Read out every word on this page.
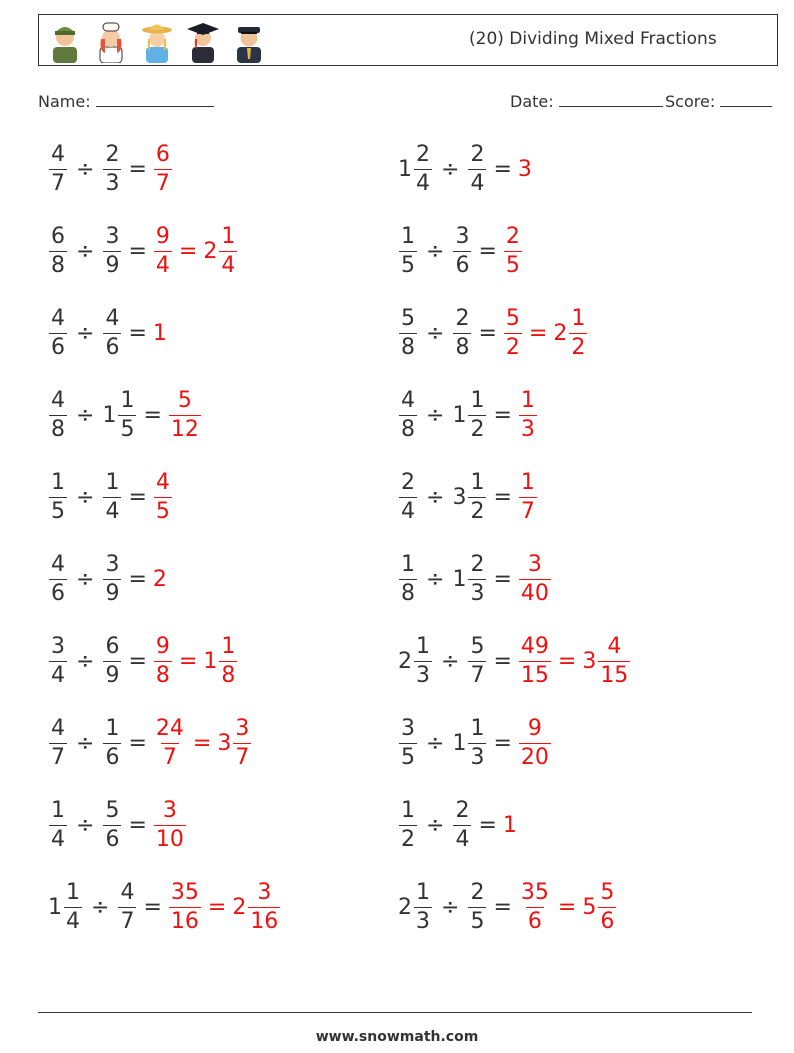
(20) Dividing Mixed Fractions
Name:	Date:	Score:
$\frac{4}{7} \div \frac{2}{3} = \frac{6}{7}$	$1 \frac{2}{4} \div \frac{2}{4} = 3$
$\frac{6}{8} \div \frac{3}{9} = \frac{9}{4} = 2 \frac{1}{4}$	$\frac{1}{5} \div \frac{3}{6} = \frac{2}{5}$
$\frac{4}{6} \div \frac{4}{6} = 1$	$\frac{5}{8} \div \frac{2}{8} = \frac{5}{2} = 2 \frac{1}{2}$
$\frac{4}{8} \div 1 \frac{1}{5} = \frac{5}{12}$	$\frac{4}{8} \div 1 \frac{1}{2} = \frac{1}{3}$
$\frac{1}{5} \div \frac{1}{4} = \frac{4}{5}$	$\frac{2}{4} \div 3 \frac{1}{2} = \frac{1}{7}$
$\frac{4}{6} \div \frac{3}{9} = 2$	$\frac{1}{8} \div 1 \frac{2}{3} = \frac{3}{40}$
$\frac{3}{4} \div \frac{6}{9} = \frac{9}{8} = 1 \frac{1}{8}$	$2 \frac{1}{3} \div \frac{5}{7} = \frac{49}{15} = 3 \frac{4}{15}$
$\frac{4}{7} \div \frac{1}{6} = \frac{24}{7} = 3 \frac{3}{7}$	$\frac{3}{5} \div 1 \frac{1}{3} = \frac{9}{20}$
$\frac{1}{4} \div \frac{5}{6} = \frac{3}{10}$	$\frac{1}{2} \div \frac{2}{4} = 1$
$1 \frac{1}{4} \div \frac{4}{7} = \frac{35}{16} = 2 \frac{3}{16}$	$2 \frac{1}{3} \div \frac{2}{5} = \frac{35}{6} = 5 \frac{5}{6}$
www.snowmath.com
